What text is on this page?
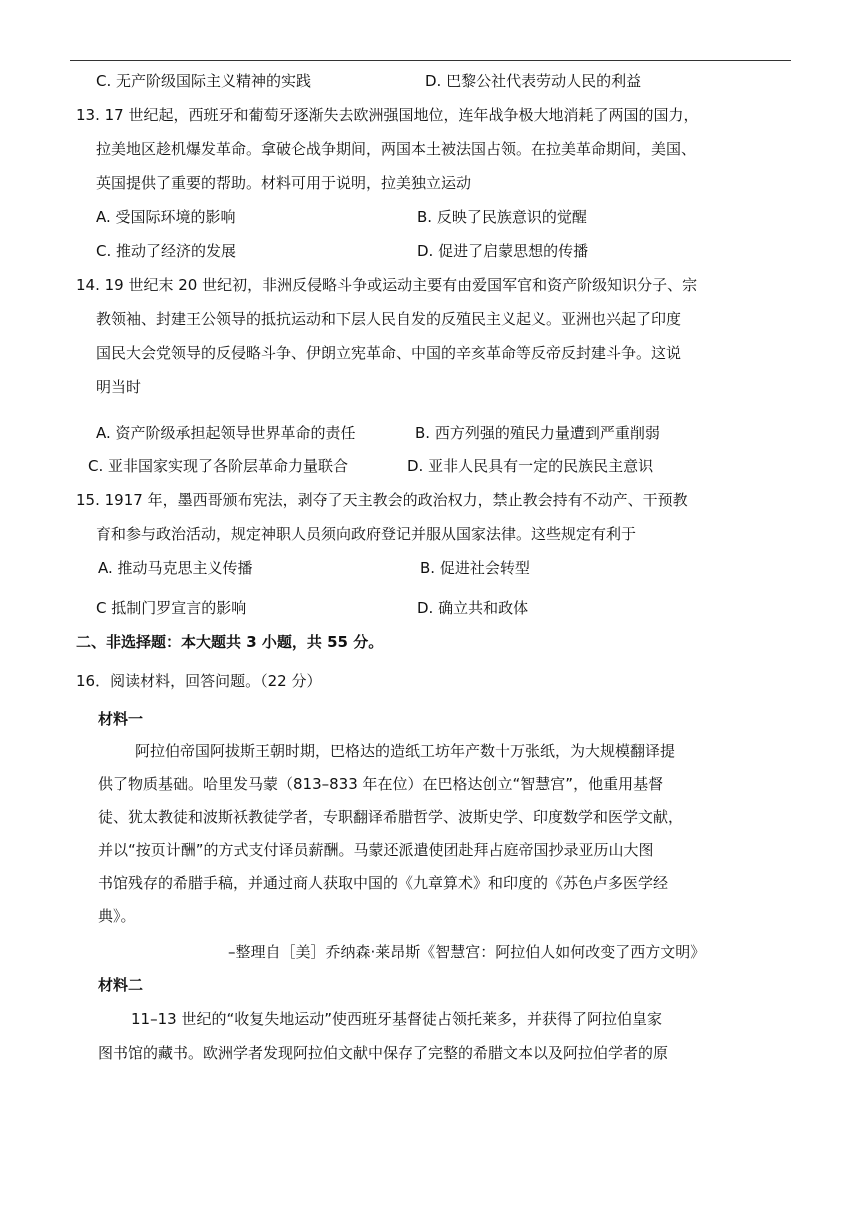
C. 无产阶级国际主义精神的实践	D. 巴黎公社代表劳动人民的利益
13. 17 世纪起，西班牙和葡萄牙逐渐失去欧洲强国地位，连年战争极大地消耗了两国的国力，
拉美地区趁机爆发革命。拿破仑战争期间，两国本土被法国占领。在拉美革命期间，美国、
英国提供了重要的帮助。材料可用于说明，拉美独立运动
A. 受国际环境的影响	B. 反映了民族意识的觉醒
C. 推动了经济的发展	D. 促进了启蒙思想的传播
14. 19 世纪末 20 世纪初，非洲反侵略斗争或运动主要有由爱国军官和资产阶级知识分子、宗
教领袖、封建王公领导的抵抗运动和下层人民自发的反殖民主义起义。亚洲也兴起了印度
国民大会党领导的反侵略斗争、伊朗立宪革命、中国的辛亥革命等反帝反封建斗争。这说
明当时
A. 资产阶级承担起领导世界革命的责任	B. 西方列强的殖民力量遭到严重削弱
C. 亚非国家实现了各阶层革命力量联合	D. 亚非人民具有一定的民族民主意识
15. 1917 年，墨西哥颁布宪法，剥夺了天主教会的政治权力，禁止教会持有不动产、干预教
育和参与政治活动，规定神职人员须向政府登记并服从国家法律。这些规定有利于
A. 推动马克思主义传播	B. 促进社会转型
C 抵制门罗宣言的影响	D. 确立共和政体
二、非选择题：本大题共 3 小题，共 55 分。
16．阅读材料，回答问题。（22 分）
材料一
阿拉伯帝国阿拔斯王朝时期，巴格达的造纸工坊年产数十万张纸，为大规模翻译提
供了物质基础。哈里发马蒙（813–833 年在位）在巴格达创立“智慧宫”，他重用基督
徒、犹太教徒和波斯袄教徒学者，专职翻译希腊哲学、波斯史学、印度数学和医学文献，
并以“按页计酬”的方式支付译员薪酬。马蒙还派遣使团赴拜占庭帝国抄录亚历山大图
书馆残存的希腊手稿，并通过商人获取中国的《九章算术》和印度的《苏色卢多医学经
典》。
–整理自［美］乔纳森·莱昂斯《智慧宫：阿拉伯人如何改变了西方文明》
材料二
11–13 世纪的“收复失地运动”使西班牙基督徒占领托莱多，并获得了阿拉伯皇家
图书馆的藏书。欧洲学者发现阿拉伯文献中保存了完整的希腊文本以及阿拉伯学者的原
